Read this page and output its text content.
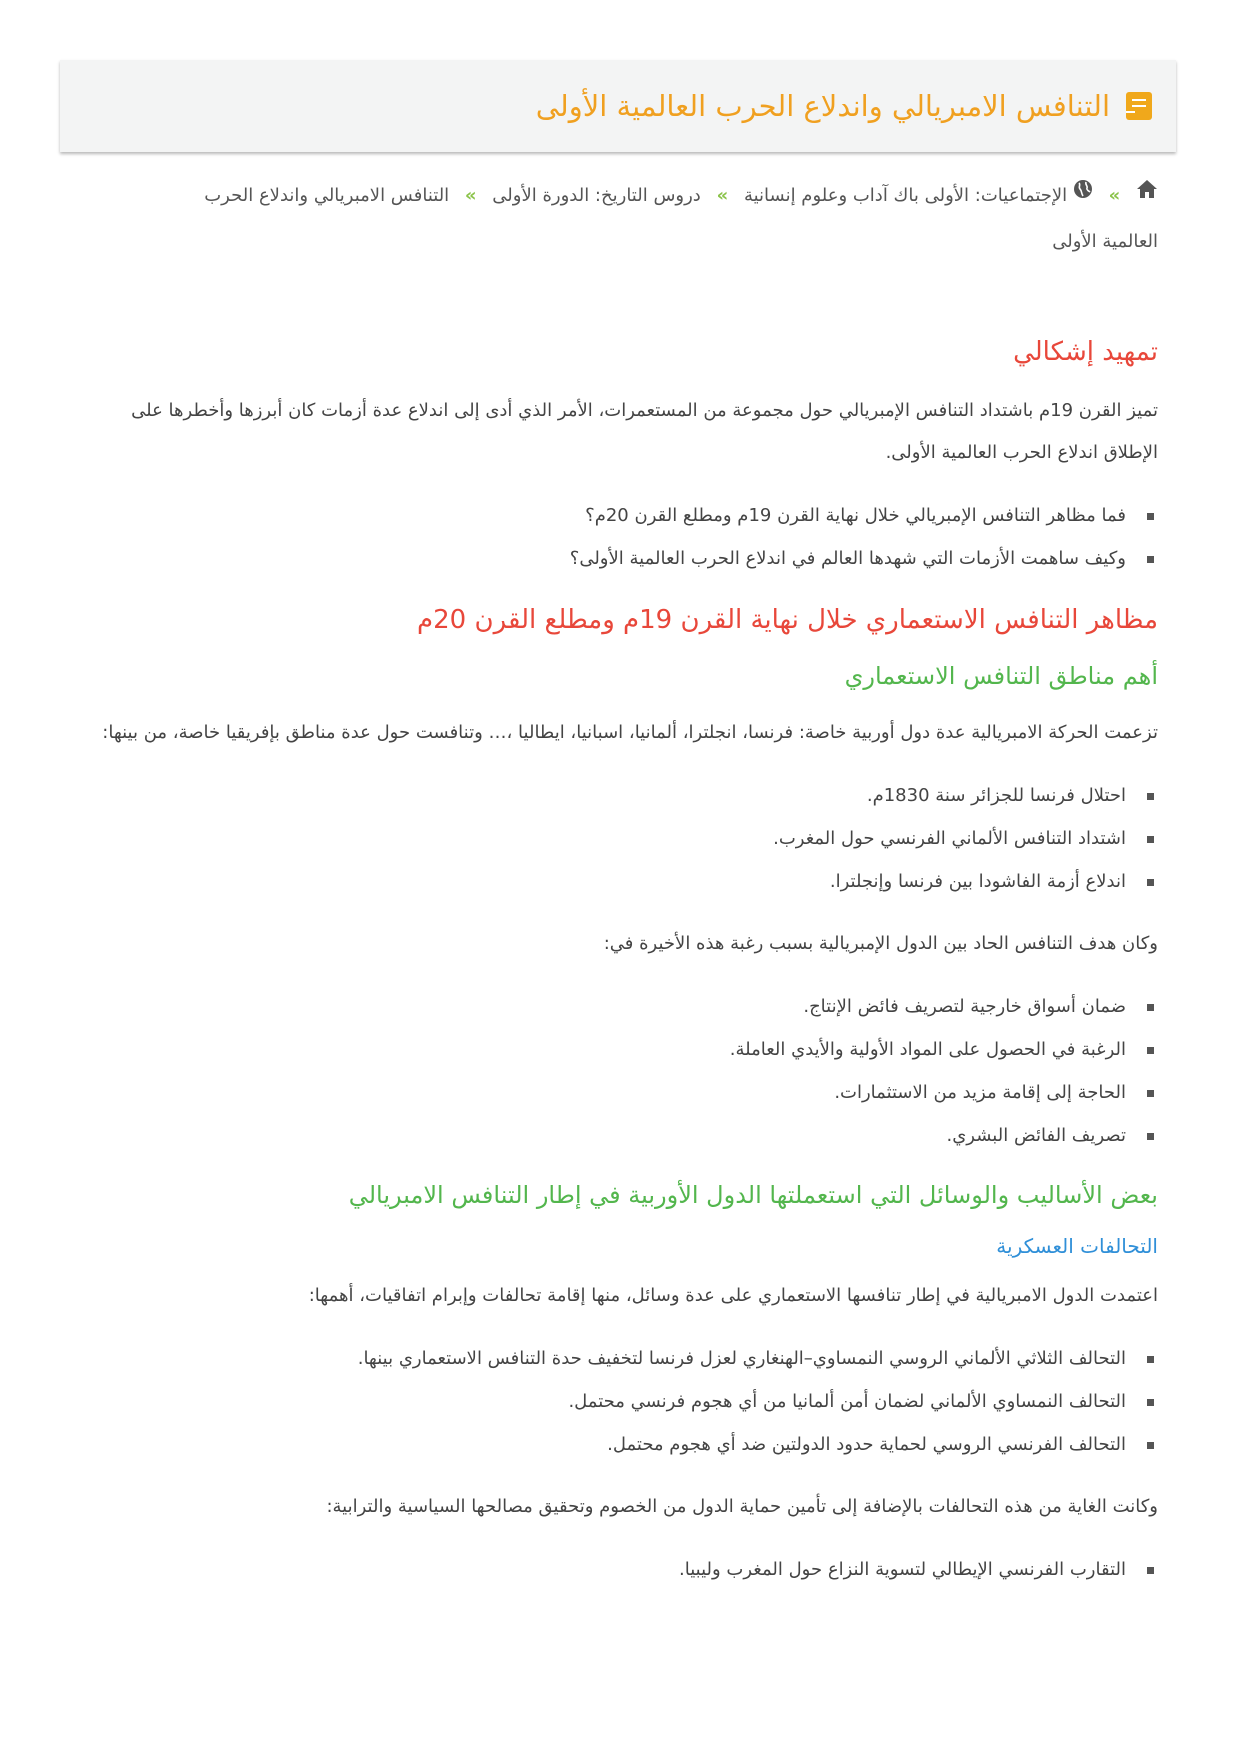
التنافس الامبريالي واندلاع الحرب العالمية الأولى
»  الإجتماعيات: الأولى باك آداب وعلوم إنسانية » دروس التاريخ: الدورة الأولى » التنافس الامبريالي واندلاع الحرب العالمية الأولى
تمهيد إشكالي

تميز القرن 19م باشتداد التنافس الإمبريالي حول مجموعة من المستعمرات، الأمر الذي أدى إلى اندلاع عدة أزمات كان أبرزها وأخطرها على الإطلاق اندلاع الحرب العالمية الأولى.

فما مظاهر التنافس الإمبريالي خلال نهاية القرن 19م ومطلع القرن 20م؟
وكيف ساهمت الأزمات التي شهدها العالم في اندلاع الحرب العالمية الأولى؟
مظاهر التنافس الاستعماري خلال نهاية القرن 19م ومطلع القرن 20م
أهم مناطق التنافس الاستعماري

تزعمت الحركة الامبريالية عدة دول أوربية خاصة: فرنسا، انجلترا، ألمانيا، اسبانيا، ايطاليا ،… وتنافست حول عدة مناطق بإفريقيا خاصة، من بينها:

احتلال فرنسا للجزائر سنة 1830م.
اشتداد التنافس الألماني الفرنسي حول المغرب.
اندلاع أزمة الفاشودا بين فرنسا وإنجلترا.

وكان هدف التنافس الحاد بين الدول الإمبريالية بسبب رغبة هذه الأخيرة في:

ضمان أسواق خارجية لتصريف فائض الإنتاج.
الرغبة في الحصول على المواد الأولية والأيدي العاملة.
الحاجة إلى إقامة مزيد من الاستثمارات.
تصريف الفائض البشري.
بعض الأساليب والوسائل التي استعملتها الدول الأوربية في إطار التنافس الامبريالي
التحالفات العسكرية

اعتمدت الدول الامبريالية في إطار تنافسها الاستعماري على عدة وسائل، منها إقامة تحالفات وإبرام اتفاقيات، أهمها:

التحالف الثلاثي الألماني الروسي النمساوي–الهنغاري لعزل فرنسا لتخفيف حدة التنافس الاستعماري بينها.
التحالف النمساوي الألماني لضمان أمن ألمانيا من أي هجوم فرنسي محتمل.
التحالف الفرنسي الروسي لحماية حدود الدولتين ضد أي هجوم محتمل.

وكانت الغاية من هذه التحالفات بالإضافة إلى تأمين حماية الدول من الخصوم وتحقيق مصالحها السياسية والترابية:

التقارب الفرنسي الإيطالي لتسوية النزاع حول المغرب وليبيا.
